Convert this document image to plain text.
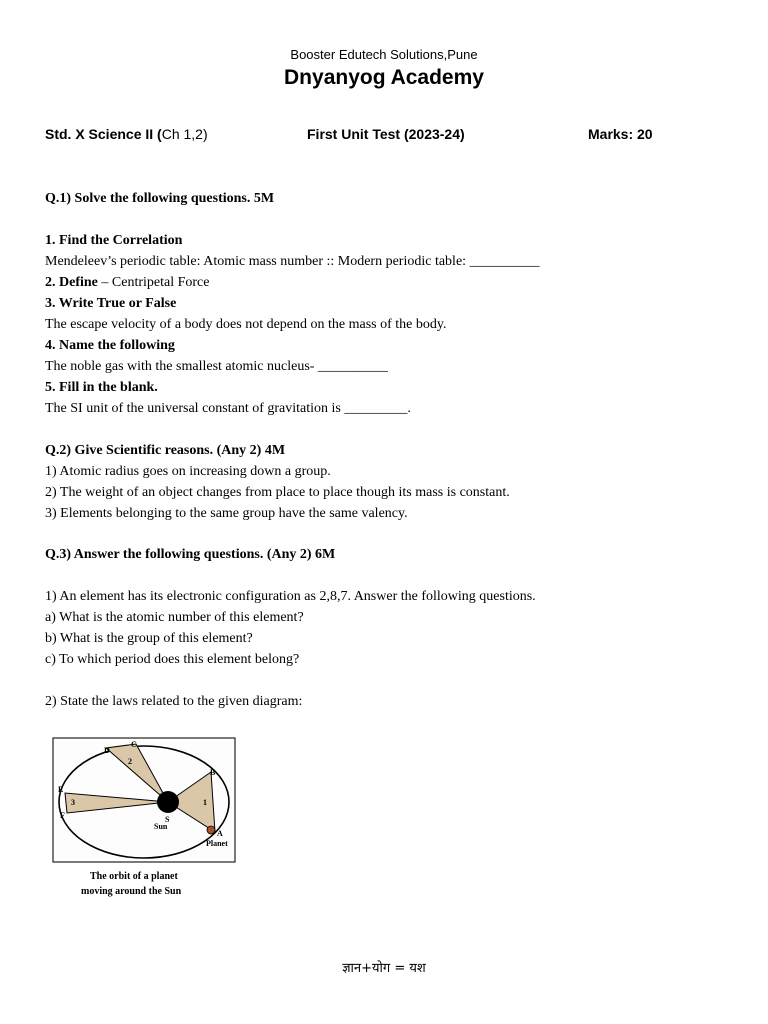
Booster Edutech Solutions,Pune
Dnyanyog Academy
Std. X Science II (Ch 1,2)	First Unit Test (2023-24)	Marks: 20
Q.1) Solve the following questions. 5M
1. Find the Correlation
Mendeleev’s periodic table: Atomic mass number :: Modern periodic table: __________
2. Define – Centripetal Force
3. Write True or False
The escape velocity of a body does not depend on the mass of the body.
4. Name the following
The noble gas with the smallest atomic nucleus- __________
5. Fill in the blank.
The SI unit of the universal constant of gravitation is _________.
Q.2) Give Scientific reasons. (Any 2) 4M
1) Atomic radius goes on increasing down a group.
2) The weight of an object changes from place to place though its mass is constant.
3) Elements belonging to the same group have the same valency.
Q.3) Answer the following questions. (Any 2) 6M
1) An element has its electronic configuration as 2,8,7. Answer the following questions.
a) What is the atomic number of this element?
b) What is the group of this element?
c) To which period does this element belong?
2) State the laws related to the given diagram:
A
B
C
D
E
F	S
Sun
Planet
1
2
3
The orbit of a planet
moving around the Sun
ज्ञान+योग = यश
